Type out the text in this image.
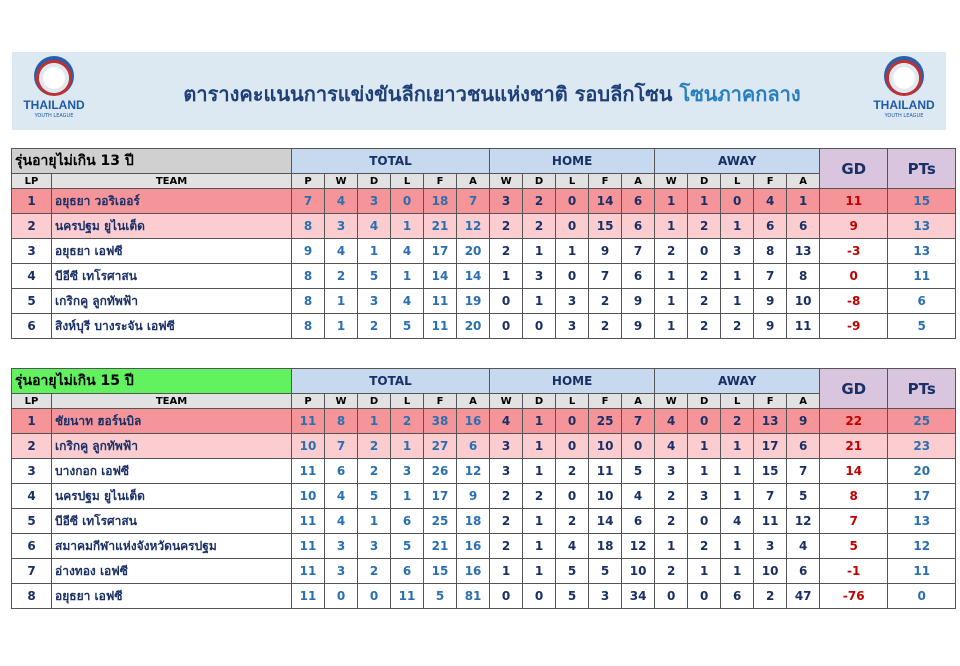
THAILAND
YOUTH LEAGUE
ตารางคะแนนการแข่งขันลีกเยาวชนแห่งชาติ รอบลีกโซน โซนภาคกลาง	THAILAND
YOUTH LEAGUE
รุ่นอายุไม่เกิน 13 ปี		TOTAL						HOME					AWAY					GD	PTs
LP	TEAM	P	W	D	L	F	A	W	D	L	F	A	W	D	L	F	A		
1	อยุธยา วอริเออร์	7	4	3	0	18	7	3	2	0	14	6	1	1	0	4	1	11	15
2	นครปฐม ยูไนเต็ด	8	3	4	1	21	12	2	2	0	15	6	1	2	1	6	6	9	13
3	อยุธยา เอฟซี	9	4	1	4	17	20	2	1	1	9	7	2	0	3	8	13	-3	13
4	บีอีซี เทโรศาสน	8	2	5	1	14	14	1	3	0	7	6	1	2	1	7	8	0	11
5	เกริกคู ลูกทัพฟ้า	8	1	3	4	11	19	0	1	3	2	9	1	2	1	9	10	-8	6
6	สิงห์บุรี บางระจัน เอฟซี	8	1	2	5	11	20	0	0	3	2	9	1	2	2	9	11	-9	5
รุ่นอายุไม่เกิน 15 ปี		TOTAL						HOME					AWAY					GD	PTs
LP	TEAM	P	W	D	L	F	A	W	D	L	F	A	W	D	L	F	A		
1	ชัยนาท ฮอร์นบิล	11	8	1	2	38	16	4	1	0	25	7	4	0	2	13	9	22	25
2	เกริกคู ลูกทัพฟ้า	10	7	2	1	27	6	3	1	0	10	0	4	1	1	17	6	21	23
3	บางกอก เอฟซี	11	6	2	3	26	12	3	1	2	11	5	3	1	1	15	7	14	20
4	นครปฐม ยูไนเต็ด	10	4	5	1	17	9	2	2	0	10	4	2	3	1	7	5	8	17
5	บีอีซี เทโรศาสน	11	4	1	6	25	18	2	1	2	14	6	2	0	4	11	12	7	13
6	สมาคมกีฬาแห่งจังหวัดนครปฐม	11	3	3	5	21	16	2	1	4	18	12	1	2	1	3	4	5	12
7	อ่างทอง เอฟซี	11	3	2	6	15	16	1	1	5	5	10	2	1	1	10	6	-1	11
8	อยุธยา เอฟซี	11	0	0	11	5	81	0	0	5	3	34	0	0	6	2	47	-76	0
